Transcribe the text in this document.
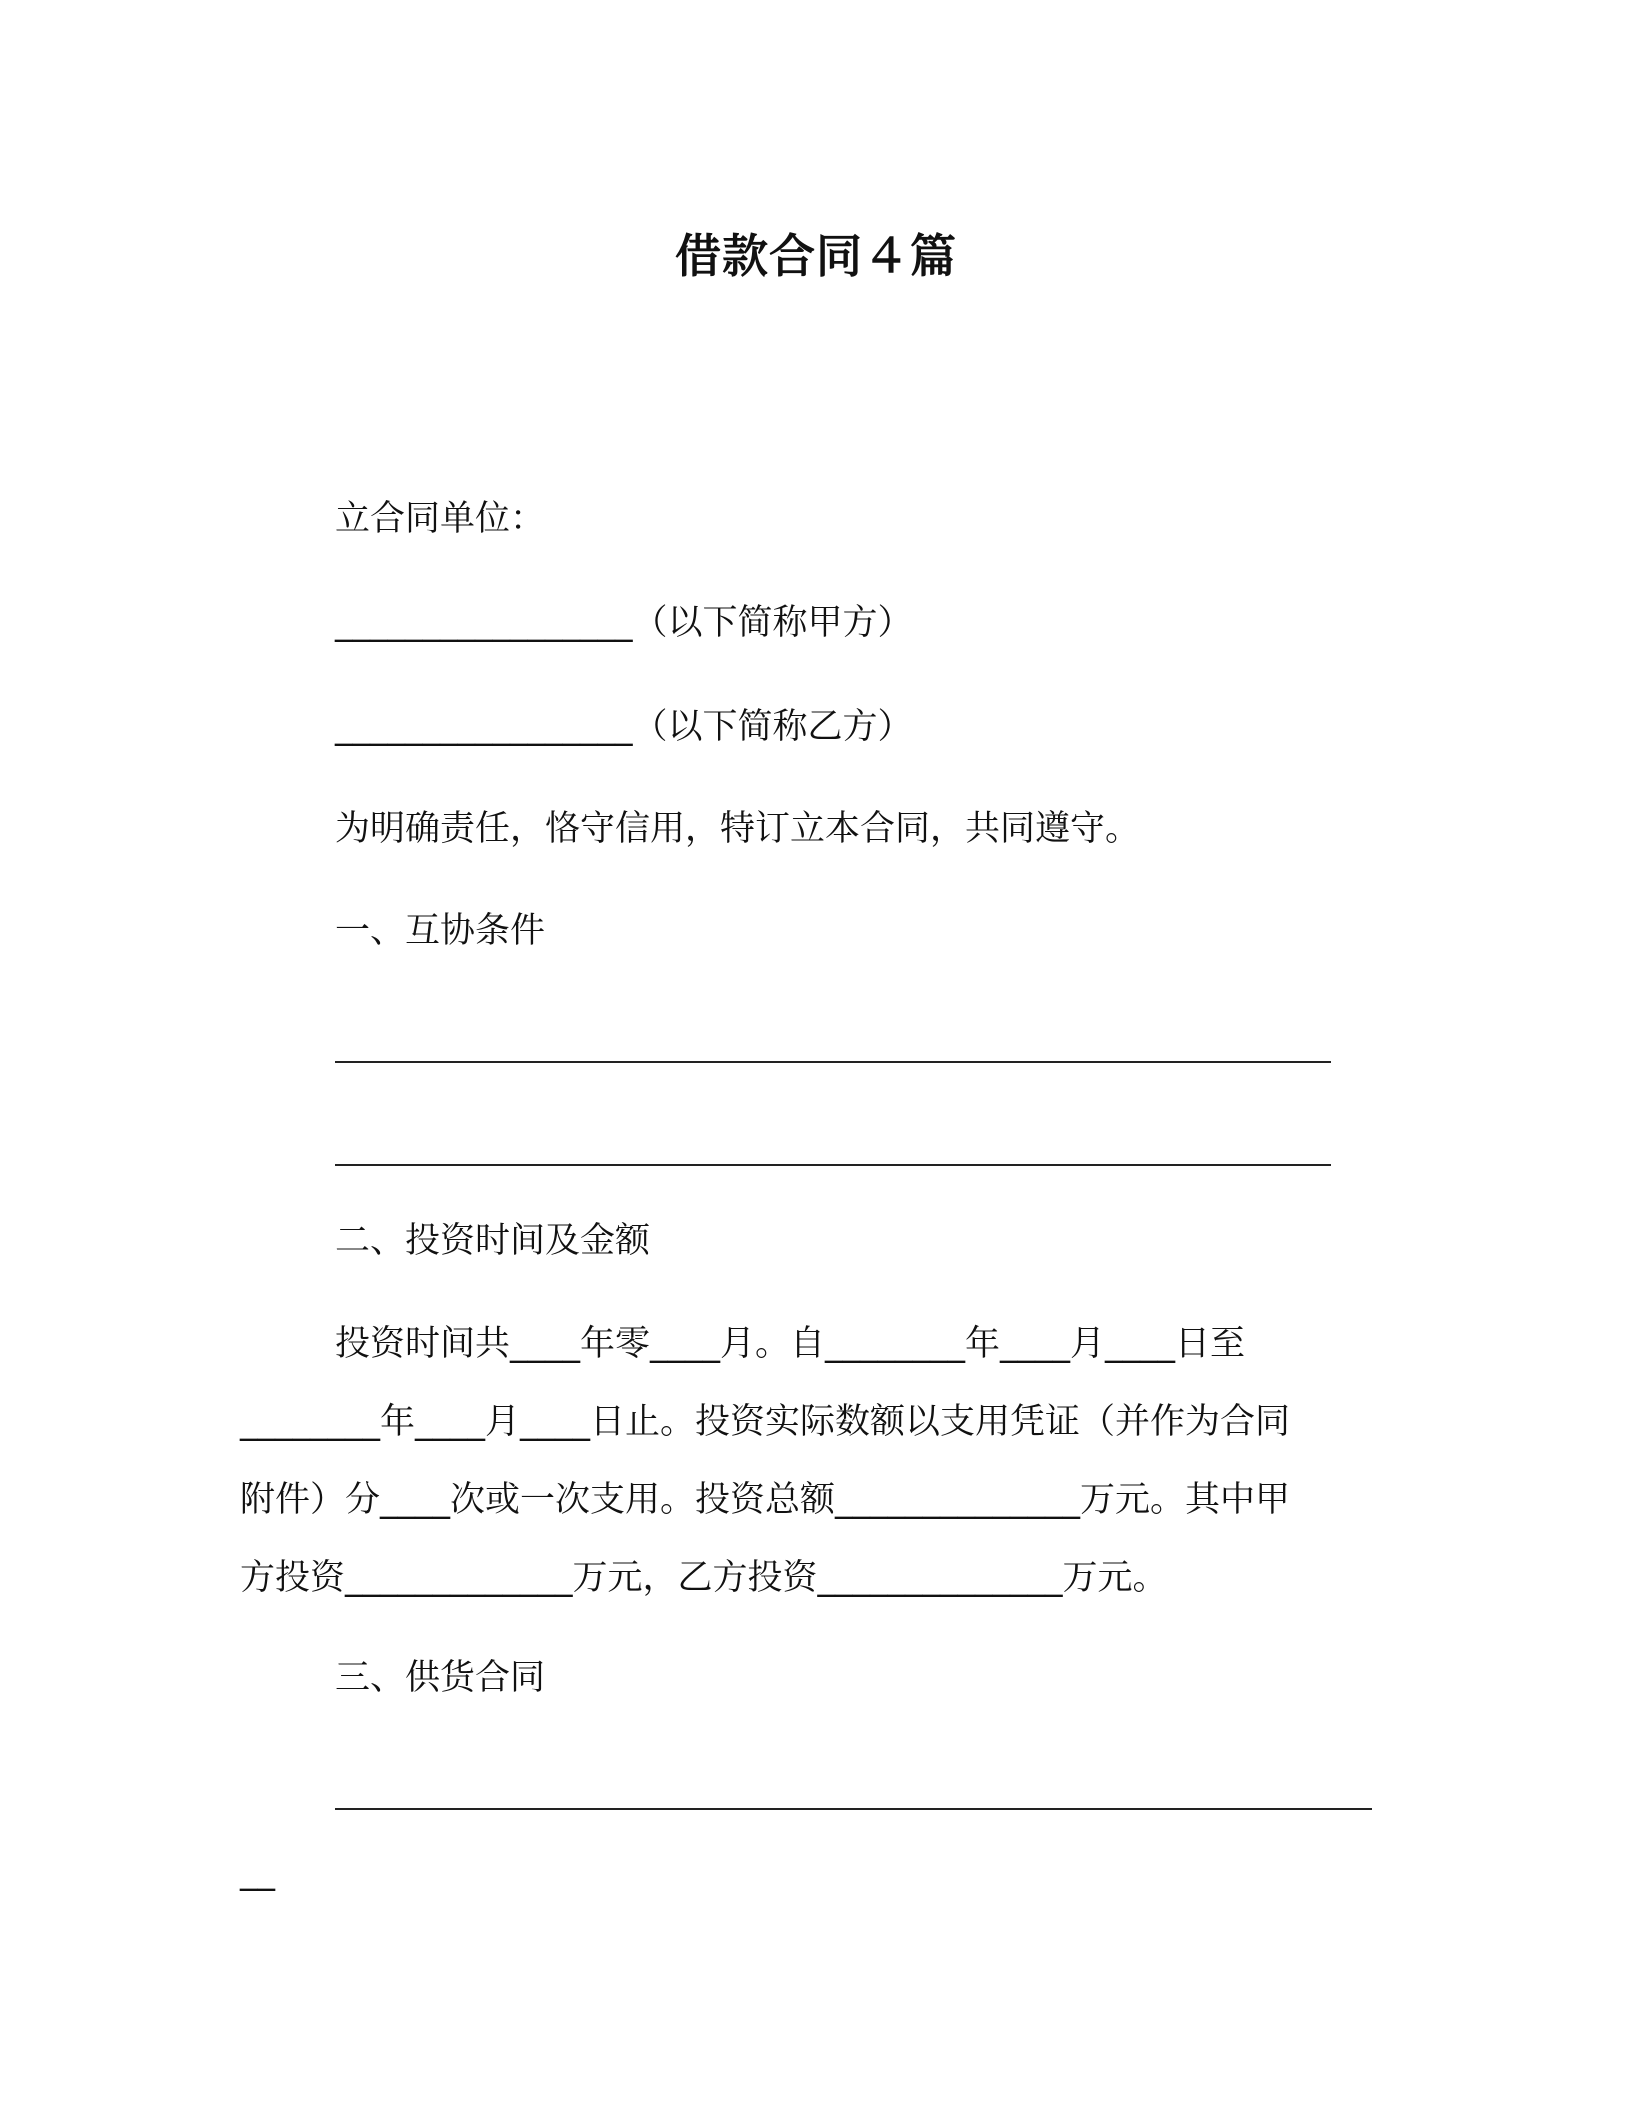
借款合同４篇
立合同单位：
_________________（以下简称甲方）
_________________（以下简称乙方）
为明确责任，恪守信用，特订立本合同，共同遵守。
一、互协条件
二、投资时间及金额
投资时间共____年零____月。自________年____月____日至
________年____月____日止。投资实际数额以支用凭证（并作为合同
附件）分____次或一次支用。投资总额______________万元。其中甲
方投资_____________万元，乙方投资______________万元。
三、供货合同
__
